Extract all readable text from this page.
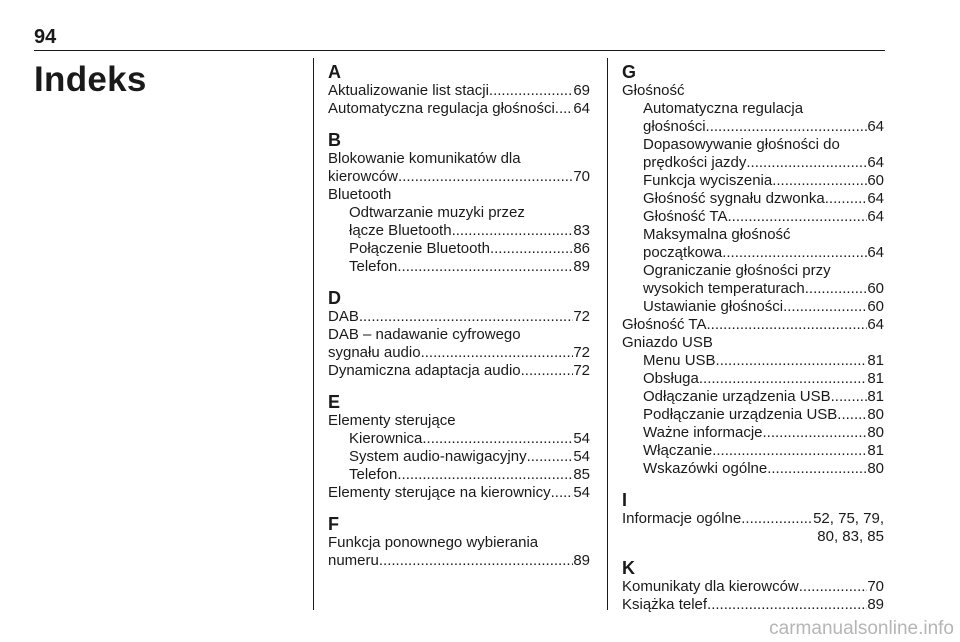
94
Indeks	A
Aktualizowanie list stacji .....	69
Automatyczna regulacja głośności ..... 64
B
Blokowanie komunikatów dla
kierowców .....	70
Bluetooth
Odtwarzanie muzyki przez
łącze Bluetooth .....	83
Połączenie Bluetooth .....	86
Telefon .....	89
D
DAB .....	72
DAB – nadawanie cyfrowego
sygnału audio .....	72
Dynamiczna adaptacja audio .....	72
E
Elementy sterujące
Kierownica .....	54
System audio-nawigacyjny .....	54
Telefon .....	85
Elementy sterujące na kierownicy ..... 54
F
Funkcja ponownego wybierania
numeru .....	89
G
Głośność
Automatyczna regulacja
głośności .....	64
Dopasowywanie głośności do
prędkości jazdy .....	64
Funkcja wyciszenia .....	60
Głośność sygnału dzwonka .....	64
Głośność TA .....	64
Maksymalna głośność
początkowa .....	64
Ograniczanie głośności przy
wysokich temperaturach .....	60
Ustawianie głośności .....	60
Głośność TA .....	64
Gniazdo USB
Menu USB .....	81
Obsługa .....	81
Odłączanie urządzenia USB ..... 81
Podłączanie urządzenia USB ..... 80
Ważne informacje .....	80
Włączanie .....	81
Wskazówki ogólne .....	80
I
Informacje ogólne .....	52, 75, 79,
80, 83, 85
K
Komunikaty dla kierowców .....	70
Książka telef .....	89
carmanualsonline.info
